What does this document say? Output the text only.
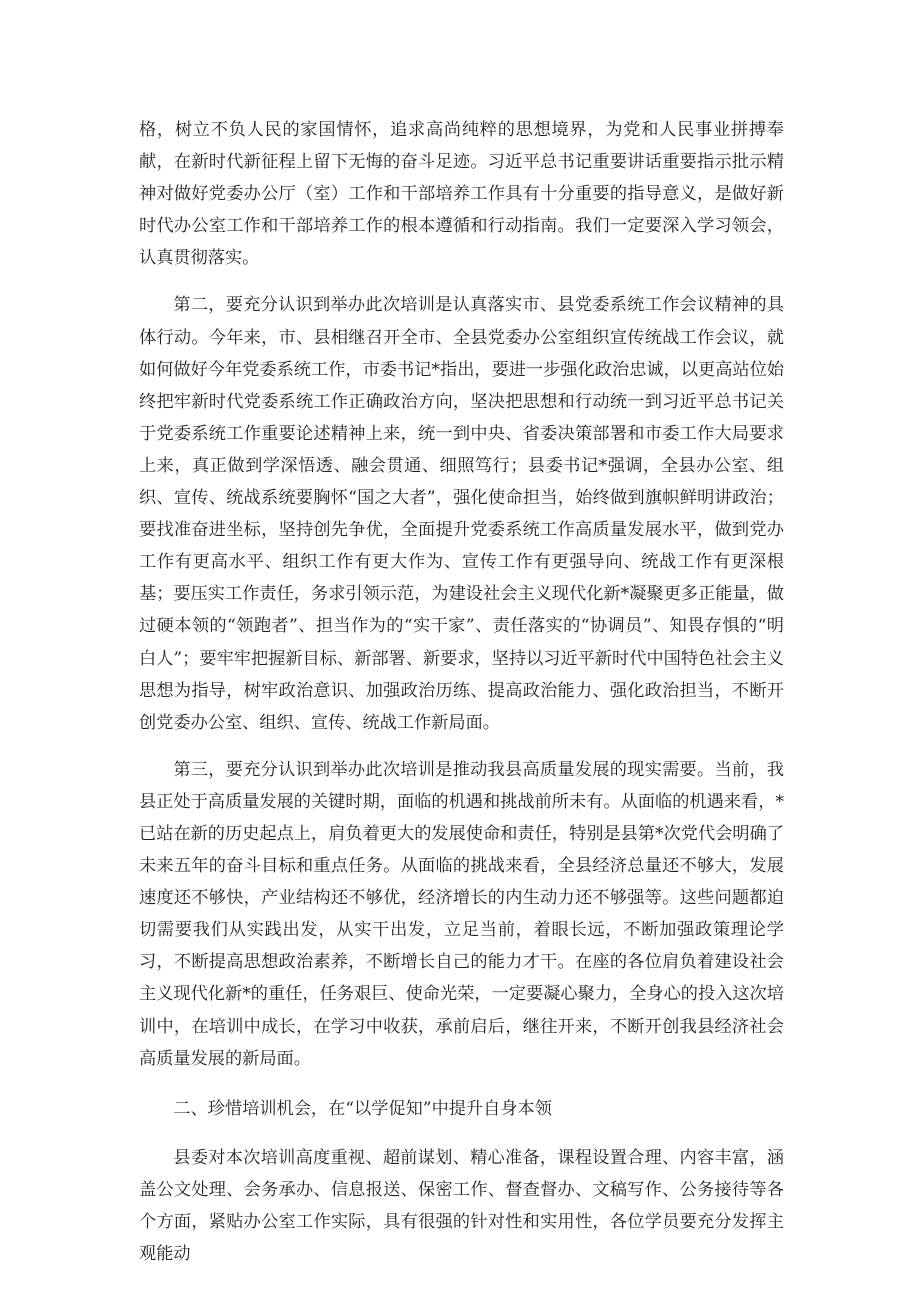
格，树立不负人民的家国情怀，追求高尚纯粹的思想境界，为党和人民事业拼搏奉献，在新时代新征程上留下无悔的奋斗足迹。习近平总书记重要讲话重要指示批示精神对做好党委办公厅（室）工作和干部培养工作具有十分重要的指导意义，是做好新时代办公室工作和干部培养工作的根本遵循和行动指南。我们一定要深入学习领会，认真贯彻落实。

第二，要充分认识到举办此次培训是认真落实市、县党委系统工作会议精神的具体行动。今年来，市、县相继召开全市、全县党委办公室组织宣传统战工作会议，就如何做好今年党委系统工作，市委书记*指出，要进一步强化政治忠诚，以更高站位始终把牢新时代党委系统工作正确政治方向，坚决把思想和行动统一到习近平总书记关于党委系统工作重要论述精神上来，统一到中央、省委决策部署和市委工作大局要求上来，真正做到学深悟透、融会贯通、细照笃行；县委书记*强调，全县办公室、组织、宣传、统战系统要胸怀“国之大者”，强化使命担当，始终做到旗帜鲜明讲政治；要找准奋进坐标，坚持创先争优，全面提升党委系统工作高质量发展水平，做到党办工作有更高水平、组织工作有更大作为、宣传工作有更强导向、统战工作有更深根基；要压实工作责任，务求引领示范，为建设社会主义现代化新*凝聚更多正能量，做过硬本领的“领跑者”、担当作为的“实干家”、责任落实的“协调员”、知畏存惧的“明白人”；要牢牢把握新目标、新部署、新要求，坚持以习近平新时代中国特色社会主义思想为指导，树牢政治意识、加强政治历练、提高政治能力、强化政治担当，不断开创党委办公室、组织、宣传、统战工作新局面。

第三，要充分认识到举办此次培训是推动我县高质量发展的现实需要。当前，我县正处于高质量发展的关键时期，面临的机遇和挑战前所未有。从面临的机遇来看，*已站在新的历史起点上，肩负着更大的发展使命和责任，特别是县第*次党代会明确了未来五年的奋斗目标和重点任务。从面临的挑战来看，全县经济总量还不够大，发展速度还不够快，产业结构还不够优，经济增长的内生动力还不够强等。这些问题都迫切需要我们从实践出发，从实干出发，立足当前，着眼长远，不断加强政策理论学习，不断提高思想政治素养，不断增长自己的能力才干。在座的各位肩负着建设社会主义现代化新*的重任，任务艰巨、使命光荣，一定要凝心聚力，全身心的投入这次培训中，在培训中成长，在学习中收获，承前启后，继往开来，不断开创我县经济社会高质量发展的新局面。

二、珍惜培训机会，在“以学促知”中提升自身本领

县委对本次培训高度重视、超前谋划、精心准备，课程设置合理、内容丰富，涵盖公文处理、会务承办、信息报送、保密工作、督查督办、文稿写作、公务接待等各个方面，紧贴办公室工作实际，具有很强的针对性和实用性，各位学员要充分发挥主观能动
